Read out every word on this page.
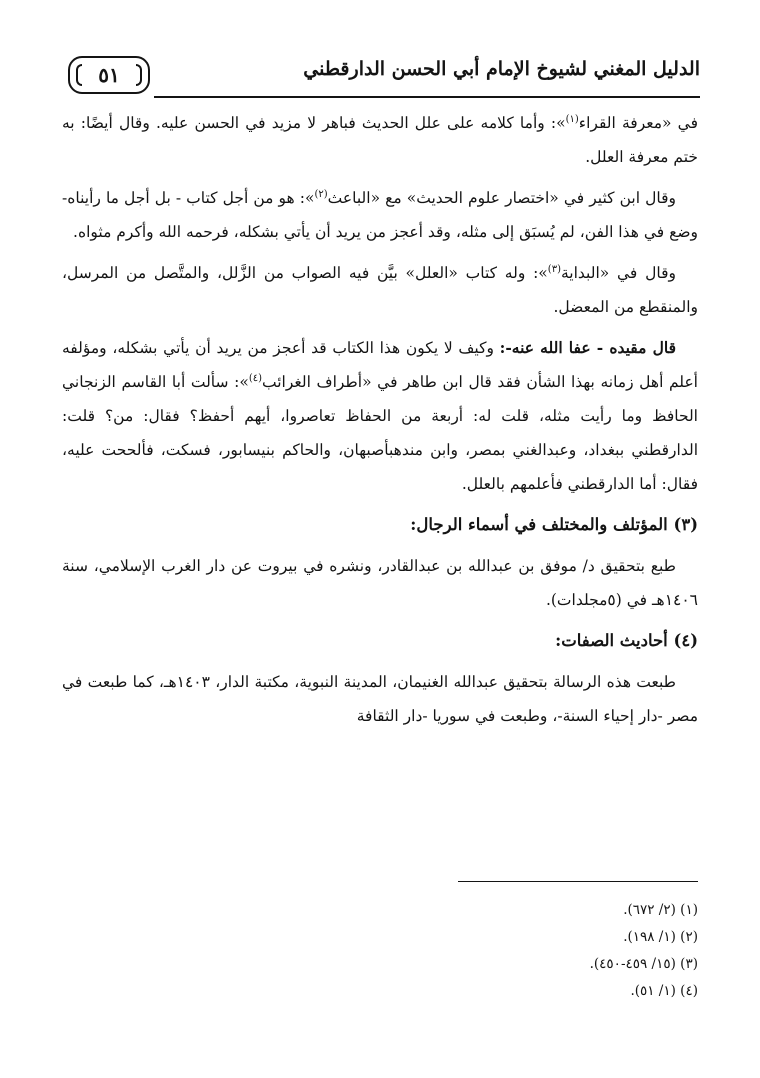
٥١	الدليل المغني لشيوخ الإمام أبي الحسن الدارقطني

في «معرفة القراء$^{(١)}$»: وأما كلامه على علل الحديث فباهر لا مزيد في الحسن عليه. وقال أيضًا: به ختم معرفة العلل.

وقال ابن كثير في «اختصار علوم الحديث» مع «الباعث$^{(٢)}$»: هو من أجل كتاب - بل أجل ما رأيناه- وضع في هذا الفن، لم يُسبَق إلى مثله، وقد أعجز من يريد أن يأتي بشكله، فرحمه الله وأكرم مثواه.

وقال في «البداية$^{(٣)}$»: وله كتاب «العلل» بيَّن فيه الصواب من الزَّلل، والمتَّصل من المرسل، والمنقطع من المعضل.

قال مقيده - عفا الله عنه-: وكيف لا يكون هذا الكتاب قد أعجز من يريد أن يأتي بشكله، ومؤلفه أعلم أهل زمانه بهذا الشأن فقد قال ابن طاهر في «أطراف الغرائب$^{(٤)}$»: سألت أبا القاسم الزنجاني الحافظ وما رأيت مثله، قلت له: أربعة من الحفاظ تعاصروا، أيهم أحفظ؟ فقال: من؟ قلت: الدارقطني ببغداد، وعبدالغني بمصر، وابن مندهبأصبهان، والحاكم بنيسابور، فسكت، فألححت عليه، فقال: أما الدارقطني فأعلمهم بالعلل.

(٣) المؤتلف والمختلف في أسماء الرجال:

طبع بتحقيق د/ موفق بن عبدالله بن عبدالقادر، ونشره في بيروت عن دار الغرب الإسلامي، سنة ١٤٠٦هـ في (٥مجلدات).

(٤) أحاديث الصفات:

طبعت هذه الرسالة بتحقيق عبدالله الغنيمان، المدينة النبوية، مكتبة الدار، ١٤٠٣هـ، كما طبعت في مصر -دار إحياء السنة-، وطبعت في سوريا -دار الثقافة

(١) (٢/ ٦٧٢).
(٢) (١/ ١٩٨).
(٣) (١٥/ ٤٥٩-٤٥٠).
(٤) (١/ ٥١).
